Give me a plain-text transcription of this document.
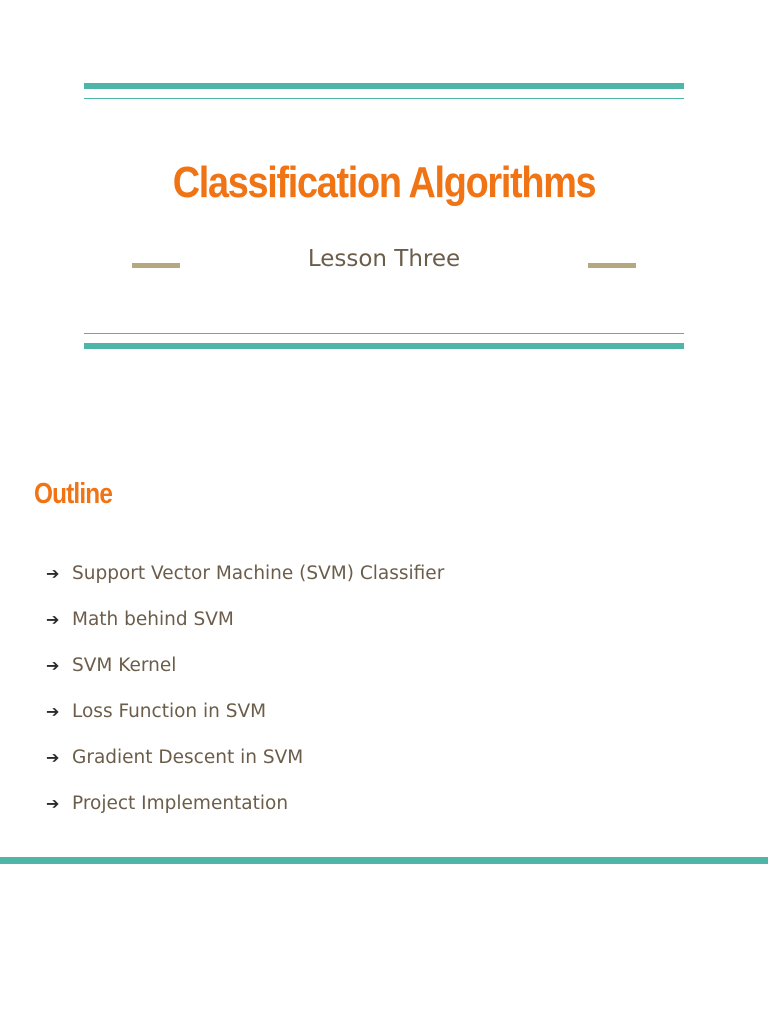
Classification Algorithms

Lesson Three

Outline
➔ Support Vector Machine (SVM) Classifier
➔ Math behind SVM
➔ SVM Kernel
➔ Loss Function in SVM
➔ Gradient Descent in SVM
➔ Project Implementation
